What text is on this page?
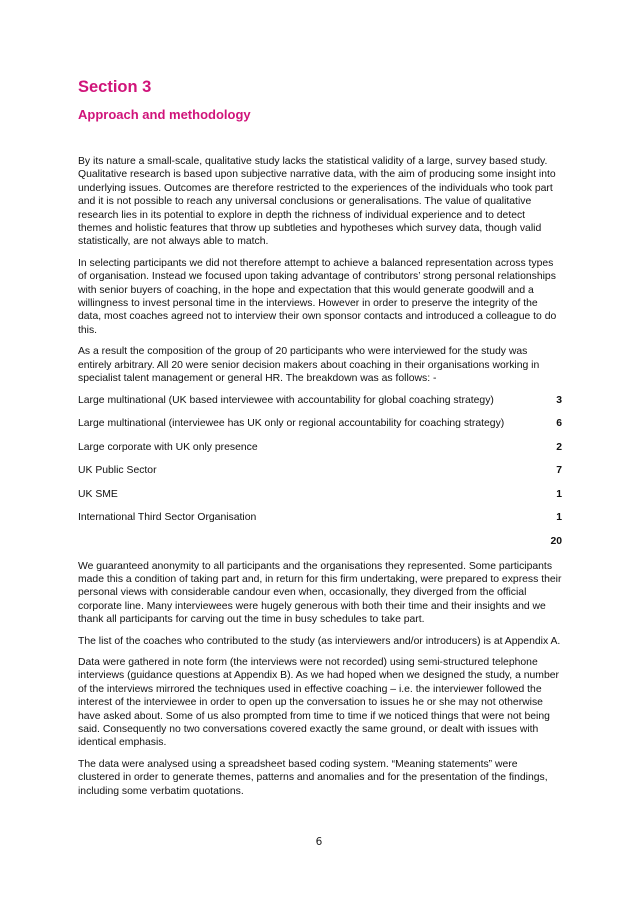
Section 3
Approach and methodology

By its nature a small-scale, qualitative study lacks the statistical validity of a large, survey based study. Qualitative research is based upon subjective narrative data, with the aim of producing some insight into underlying issues. Outcomes are therefore restricted to the experiences of the individuals who took part and it is not possible to reach any universal conclusions or generalisations. The value of qualitative research lies in its potential to explore in depth the richness of individual experience and to detect themes and holistic features that throw up subtleties and hypotheses which survey data, though valid statistically, are not always able to match.

In selecting participants we did not therefore attempt to achieve a balanced representation across types of organisation. Instead we focused upon taking advantage of contributors’ strong personal relationships with senior buyers of coaching, in the hope and expectation that this would generate goodwill and a willingness to invest personal time in the interviews. However in order to preserve the integrity of the data, most coaches agreed not to interview their own sponsor contacts and introduced a colleague to do this.

As a result the composition of the group of 20 participants who were interviewed for the study was entirely arbitrary. All 20 were senior decision makers about coaching in their organisations working in specialist talent management or general HR. The breakdown was as follows: -

Large multinational (UK based interviewee with accountability for global coaching strategy)	3
Large multinational (interviewee has UK only or regional accountability for coaching strategy)	6
Large corporate with UK only presence	2
UK Public Sector	7
UK SME	1
International Third Sector Organisation	1
20

We guaranteed anonymity to all participants and the organisations they represented. Some participants made this a condition of taking part and, in return for this firm undertaking, were prepared to express their personal views with considerable candour even when, occasionally, they diverged from the official corporate line. Many interviewees were hugely generous with both their time and their insights and we thank all participants for carving out the time in busy schedules to take part.

The list of the coaches who contributed to the study (as interviewers and/or introducers) is at Appendix A.

Data were gathered in note form (the interviews were not recorded) using semi-structured telephone interviews (guidance questions at Appendix B). As we had hoped when we designed the study, a number of the interviews mirrored the techniques used in effective coaching – i.e. the interviewer followed the interest of the interviewee in order to open up the conversation to issues he or she may not otherwise have asked about. Some of us also prompted from time to time if we noticed things that were not being said. Consequently no two conversations covered exactly the same ground, or dealt with issues with identical emphasis.

The data were analysed using a spreadsheet based coding system. “Meaning statements” were clustered in order to generate themes, patterns and anomalies and for the presentation of the findings, including some verbatim quotations.

6
